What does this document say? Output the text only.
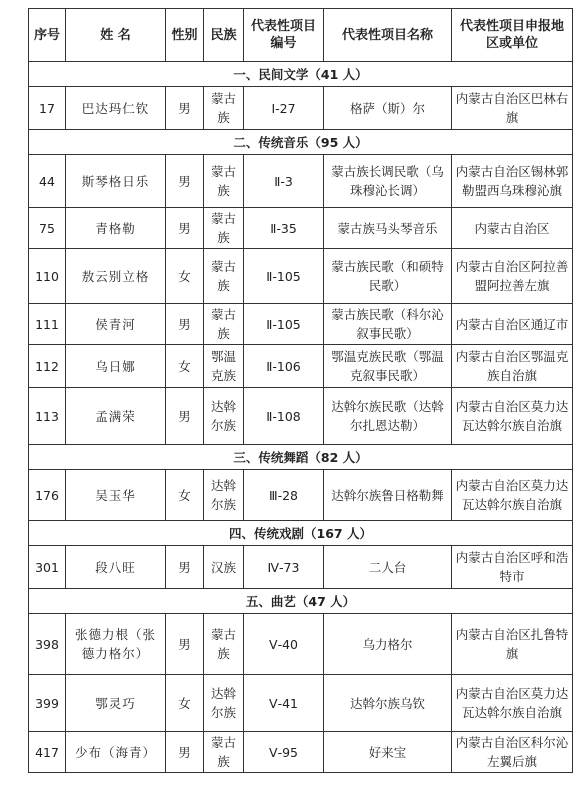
序号	姓 名	性别	民族	代表性项目编号	代表性项目名称	代表性项目申报地区或单位
一、民间文学（41 人）						
17	巴达玛仁钦	男	蒙古族	Ⅰ-27	格萨（斯）尔	内蒙古自治区巴林右旗
二、传统音乐（95 人）						
44	斯琴格日乐	男	蒙古族	Ⅱ-3	蒙古族长调民歌（乌珠穆沁长调）	内蒙古自治区锡林郭勒盟西乌珠穆沁旗
75	青格勒	男	蒙古族	Ⅱ-35	蒙古族马头琴音乐	内蒙古自治区
110	敖云别立格	女	蒙古族	Ⅱ-105	蒙古族民歌（和硕特民歌）	内蒙古自治区阿拉善盟阿拉善左旗
111	侯青河	男	蒙古族	Ⅱ-105	蒙古族民歌（科尔沁叙事民歌）	内蒙古自治区通辽市
112	乌日娜	女	鄂温克族	Ⅱ-106	鄂温克族民歌（鄂温克叙事民歌）	内蒙古自治区鄂温克族自治旗
113	孟满荣	男	达斡尔族	Ⅱ-108	达斡尔族民歌（达斡尔扎恩达勒）	内蒙古自治区莫力达瓦达斡尔族自治旗
三、传统舞蹈（82 人）						
176	吴玉华	女	达斡尔族	Ⅲ-28	达斡尔族鲁日格勒舞	内蒙古自治区莫力达瓦达斡尔族自治旗
四、传统戏剧（167 人）						
301	段八旺	男	汉族	Ⅳ-73	二人台	内蒙古自治区呼和浩特市
五、曲艺（47 人）						
398	张德力根（张德力格尔）	男	蒙古族	Ⅴ-40	乌力格尔	内蒙古自治区扎鲁特旗
399	鄂灵巧	女	达斡尔族	Ⅴ-41	达斡尔族乌钦	内蒙古自治区莫力达瓦达斡尔族自治旗
417	少布（海青）	男	蒙古族	Ⅴ-95	好来宝	内蒙古自治区科尔沁左翼后旗
